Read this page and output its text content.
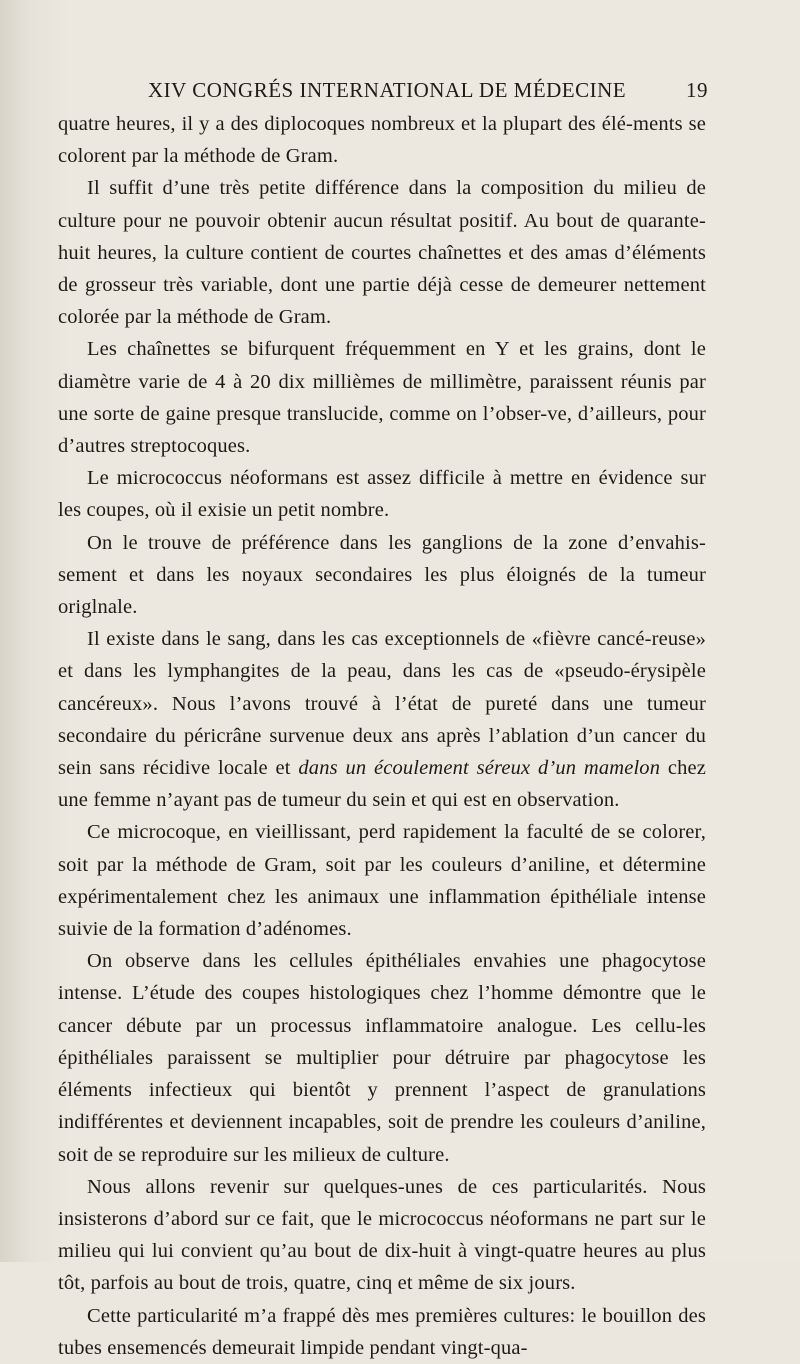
XIV CONGRÉS INTERNATIONAL DE MÉDECINE	19

quatre heures, il y a des diplocoques nombreux et la plupart des élé-ments se colorent par la méthode de Gram.

Il suffit d’une très petite différence dans la composition du milieu de culture pour ne pouvoir obtenir aucun résultat positif. Au bout de quarante-huit heures, la culture contient de courtes chaînettes et des amas d’éléments de grosseur très variable, dont une partie déjà cesse de demeurer nettement colorée par la méthode de Gram.

Les chaînettes se bifurquent fréquemment en Y et les grains, dont le diamètre varie de 4 à 20 dix millièmes de millimètre, paraissent réunis par une sorte de gaine presque translucide, comme on l’obser-ve, d’ailleurs, pour d’autres streptocoques.

Le micrococcus néoformans est assez difficile à mettre en évidence sur les coupes, où il exisie un petit nombre.

On le trouve de préférence dans les ganglions de la zone d’envahis-sement et dans les noyaux secondaires les plus éloignés de la tumeur origlnale.

Il existe dans le sang, dans les cas exceptionnels de «fièvre cancé-reuse» et dans les lymphangites de la peau, dans les cas de «pseudo-érysipèle cancéreux». Nous l’avons trouvé à l’état de pureté dans une tumeur secondaire du péricrâne survenue deux ans après l’ablation d’un cancer du sein sans récidive locale et dans un écoulement séreux d’un mamelon chez une femme n’ayant pas de tumeur du sein et qui est en observation.

Ce microcoque, en vieillissant, perd rapidement la faculté de se colorer, soit par la méthode de Gram, soit par les couleurs d’aniline, et détermine expérimentalement chez les animaux une inflammation épithéliale intense suivie de la formation d’adénomes.

On observe dans les cellules épithéliales envahies une phagocytose intense. L’étude des coupes histologiques chez l’homme démontre que le cancer débute par un processus inflammatoire analogue. Les cellu-les épithéliales paraissent se multiplier pour détruire par phagocytose les éléments infectieux qui bientôt y prennent l’aspect de granulations indifférentes et deviennent incapables, soit de prendre les couleurs d’aniline, soit de se reproduire sur les milieux de culture.

Nous allons revenir sur quelques-unes de ces particularités. Nous insisterons d’abord sur ce fait, que le micrococcus néoformans ne part sur le milieu qui lui convient qu’au bout de dix-huit à vingt-quatre heures au plus tôt, parfois au bout de trois, quatre, cinq et même de six jours.

Cette particularité m’a frappé dès mes premières cultures: le bouillon des tubes ensemencés demeurait limpide pendant vingt-qua-
